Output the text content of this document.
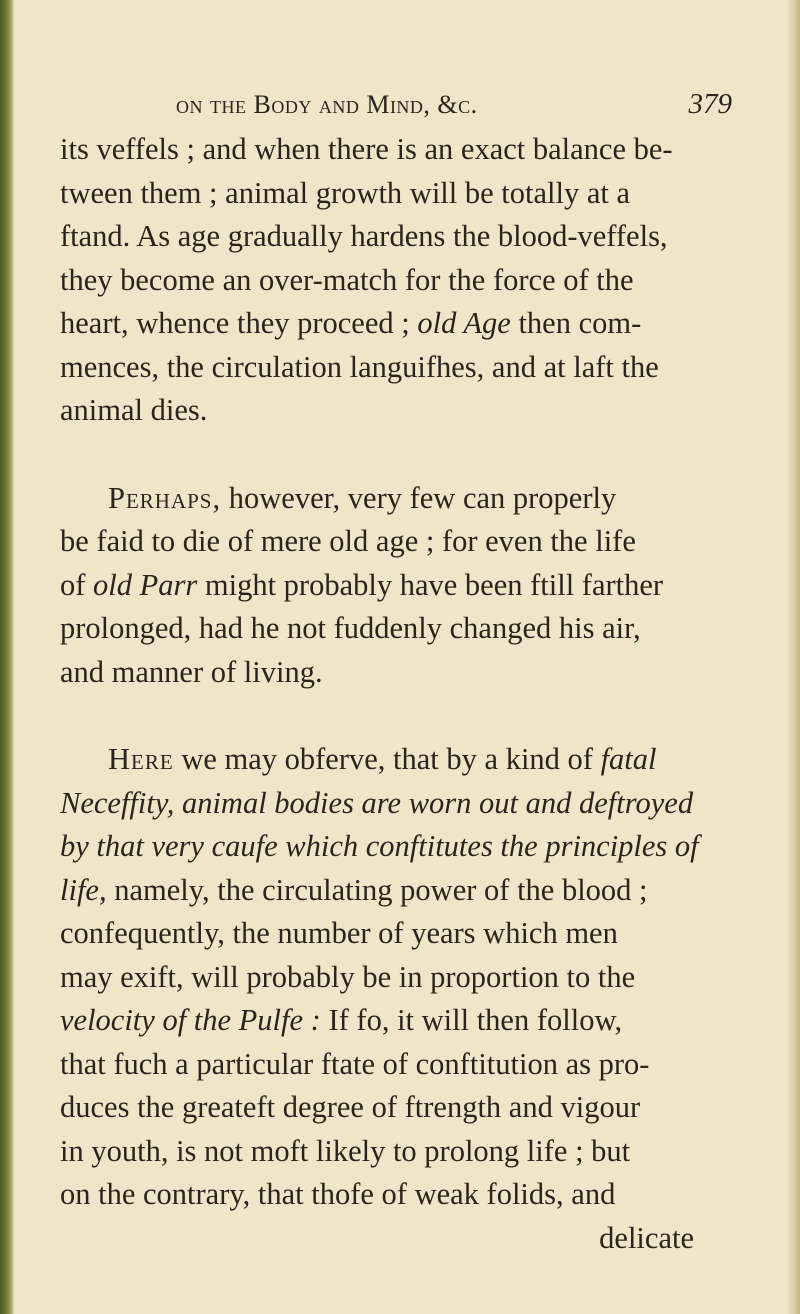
on the Body and Mind, &c.	379
its veffels ; and when there is an exact balance be-
tween them ; animal growth will be totally at a
ftand. As age gradually hardens the blood-veffels,
they become an over-match for the force of the
heart, whence they proceed ; old Age then com-
mences, the circulation languifhes, and at laft the
animal dies.
Perhaps, however, very few can properly
be faid to die of mere old age ; for even the life
of old Parr might probably have been ftill farther
prolonged, had he not fuddenly changed his air,
and manner of living.
Here we may obferve, that by a kind of fatal
Neceffity, animal bodies are worn out and deftroyed
by that very caufe which conftitutes the principles of
life, namely, the circulating power of the blood ;
confequently, the number of years which men
may exift, will probably be in proportion to the
velocity of the Pulfe : If fo, it will then follow,
that fuch a particular ftate of conftitution as pro-
duces the greateft degree of ftrength and vigour
in youth, is not moft likely to prolong life ; but
on the contrary, that thofe of weak folids, and
delicate
